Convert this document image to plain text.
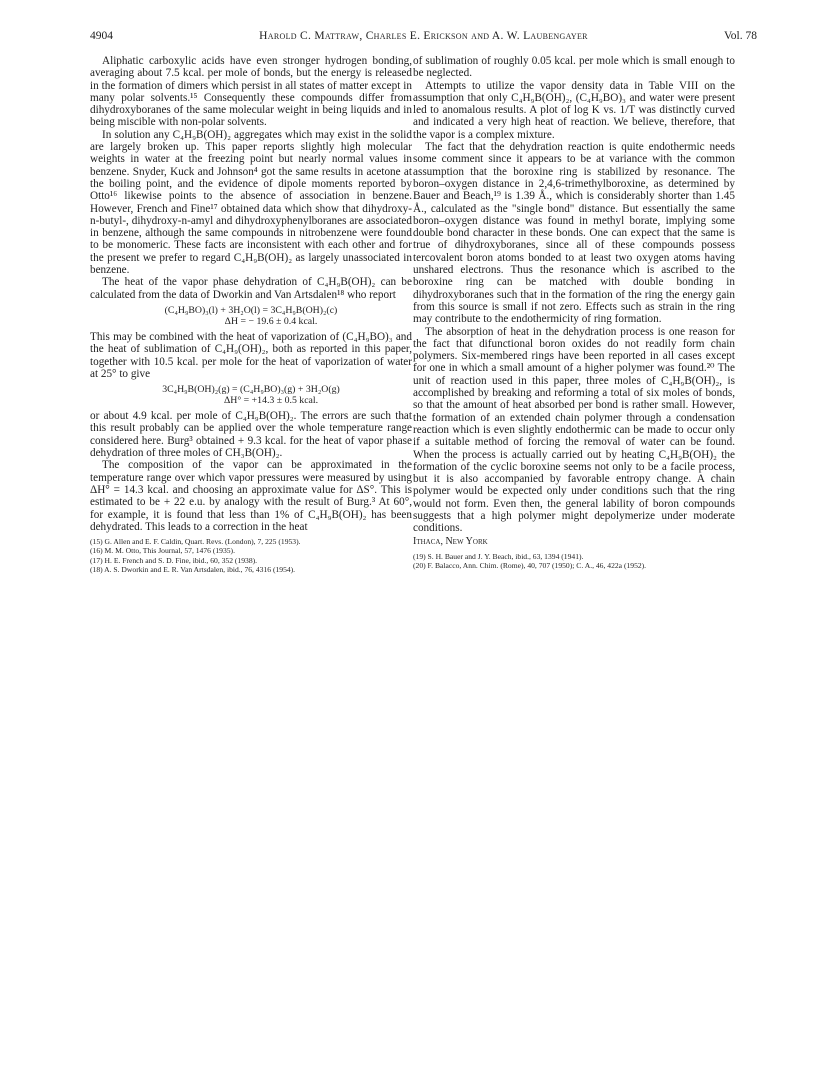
4904	Harold C. Mattraw, Charles E. Erickson and A. W. Laubengayer	Vol. 78

Aliphatic carboxylic acids have even stronger hydrogen bonding, averaging about 7.5 kcal. per mole of bonds, but the energy is released in the formation of dimers which persist in all states of matter except in many polar solvents.¹⁵ Consequently these compounds differ from dihydroxyboranes of the same molecular weight in being liquids and in being miscible with non-polar solvents.

In solution any C₄H₉B(OH)₂ aggregates which may exist in the solid are largely broken up. This paper reports slightly high molecular weights in water at the freezing point but nearly normal values in benzene. Snyder, Kuck and Johnson⁴ got the same results in acetone at the boiling point, and the evidence of dipole moments reported by Otto¹⁶ likewise points to the absence of association in benzene. However, French and Fine¹⁷ obtained data which show that dihydroxy-n-butyl-, dihydroxy-n-amyl and dihydroxyphenylboranes are associated in benzene, although the same compounds in nitrobenzene were found to be monomeric. These facts are inconsistent with each other and for the present we prefer to regard C₄H₉B(OH)₂ as largely unassociated in benzene.

The heat of the vapor phase dehydration of C₄H₉B(OH)₂ can be calculated from the data of Dworkin and Van Artsdalen¹⁸ who report

(C₄H₉BO)₃(l) + 3H₂O(l) = 3C₄H₉B(OH)₂(c)
ΔH = − 19.6 ± 0.4 kcal.

This may be combined with the heat of vaporization of (C₄H₉BO)₃ and the heat of sublimation of C₄H₉(OH)₂, both as reported in this paper, together with 10.5 kcal. per mole for the heat of vaporization of water at 25° to give

3C₄H₉B(OH)₂(g) = (C₄H₉BO)₃(g) + 3H₂O(g)
ΔH° = +14.3 ± 0.5 kcal.

or about 4.9 kcal. per mole of C₄H₉B(OH)₂. The errors are such that this result probably can be applied over the whole temperature range considered here. Burg³ obtained + 9.3 kcal. for the heat of vapor phase dehydration of three moles of CH₃B(OH)₂.

The composition of the vapor can be approximated in the temperature range over which vapor pressures were measured by using ΔH° = 14.3 kcal. and choosing an approximate value for ΔS°. This is estimated to be + 22 e.u. by analogy with the result of Burg.³ At 60°, for example, it is found that less than 1% of C₄H₉B(OH)₂ has been dehydrated. This leads to a correction in the heat

(15) G. Allen and E. F. Caldin, Quart. Revs. (London), 7, 225 (1953).

(16) M. M. Otto, This Journal, 57, 1476 (1935).

(17) H. E. French and S. D. Fine, ibid., 60, 352 (1938).

(18) A. S. Dworkin and E. R. Van Artsdalen, ibid., 76, 4316 (1954).

of sublimation of roughly 0.05 kcal. per mole which is small enough to be neglected.

Attempts to utilize the vapor density data in Table VIII on the assumption that only C₄H₉B(OH)₂, (C₄H₉BO)₃ and water were present led to anomalous results. A plot of log K vs. 1/T was distinctly curved and indicated a very high heat of reaction. We believe, therefore, that the vapor is a complex mixture.

The fact that the dehydration reaction is quite endothermic needs some comment since it appears to be at variance with the common assumption that the boroxine ring is stabilized by resonance. The boron–oxygen distance in 2,4,6-trimethylboroxine, as determined by Bauer and Beach,¹⁹ is 1.39 Å., which is considerably shorter than 1.45 Å., calculated as the "single bond" distance. But essentially the same boron–oxygen distance was found in methyl borate, implying some double bond character in these bonds. One can expect that the same is true of dihydroxyboranes, since all of these compounds possess tercovalent boron atoms bonded to at least two oxygen atoms having unshared electrons. Thus the resonance which is ascribed to the boroxine ring can be matched with double bonding in dihydroxyboranes such that in the formation of the ring the energy gain from this source is small if not zero. Effects such as strain in the ring may contribute to the endothermicity of ring formation.

The absorption of heat in the dehydration process is one reason for the fact that difunctional boron oxides do not readily form chain polymers. Six-membered rings have been reported in all cases except for one in which a small amount of a higher polymer was found.²⁰ The unit of reaction used in this paper, three moles of C₄H₉B(OH)₂, is accomplished by breaking and reforming a total of six moles of bonds, so that the amount of heat absorbed per bond is rather small. However, the formation of an extended chain polymer through a condensation reaction which is even slightly endothermic can be made to occur only if a suitable method of forcing the removal of water can be found. When the process is actually carried out by heating C₄H₉B(OH)₂ the formation of the cyclic boroxine seems not only to be a facile process, but it is also accompanied by favorable entropy change. A chain polymer would be expected only under conditions such that the ring would not form. Even then, the general lability of boron compounds suggests that a high polymer might depolymerize under moderate conditions.

Ithaca, New York

(19) S. H. Bauer and J. Y. Beach, ibid., 63, 1394 (1941).

(20) F. Balacco, Ann. Chim. (Rome), 40, 707 (1950); C. A., 46, 422a (1952).
